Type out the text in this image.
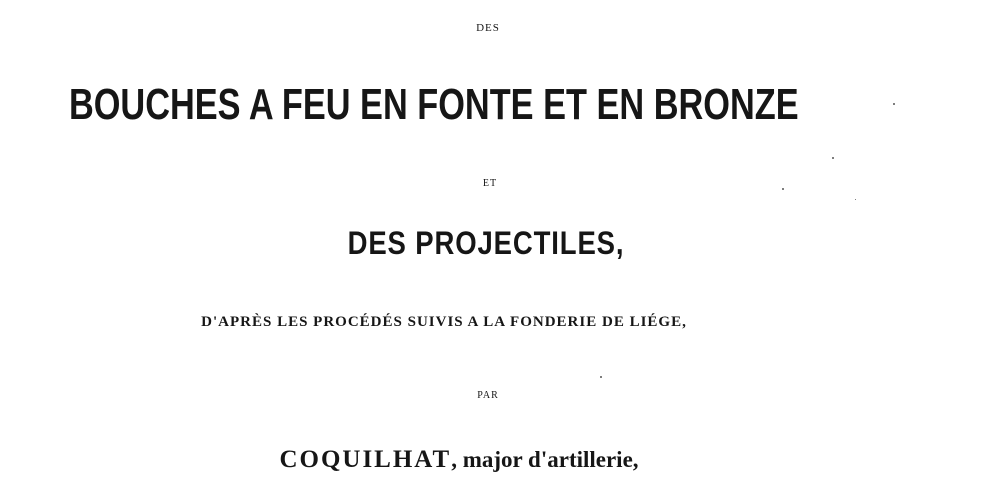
DES

BOUCHES A FEU EN FONTE ET EN BRONZE

ET

DES PROJECTILES,

D'APRÈS LES PROCÉDÉS SUIVIS A LA FONDERIE DE LIÉGE,

PAR

COQUILHAT, major d'artillerie,
